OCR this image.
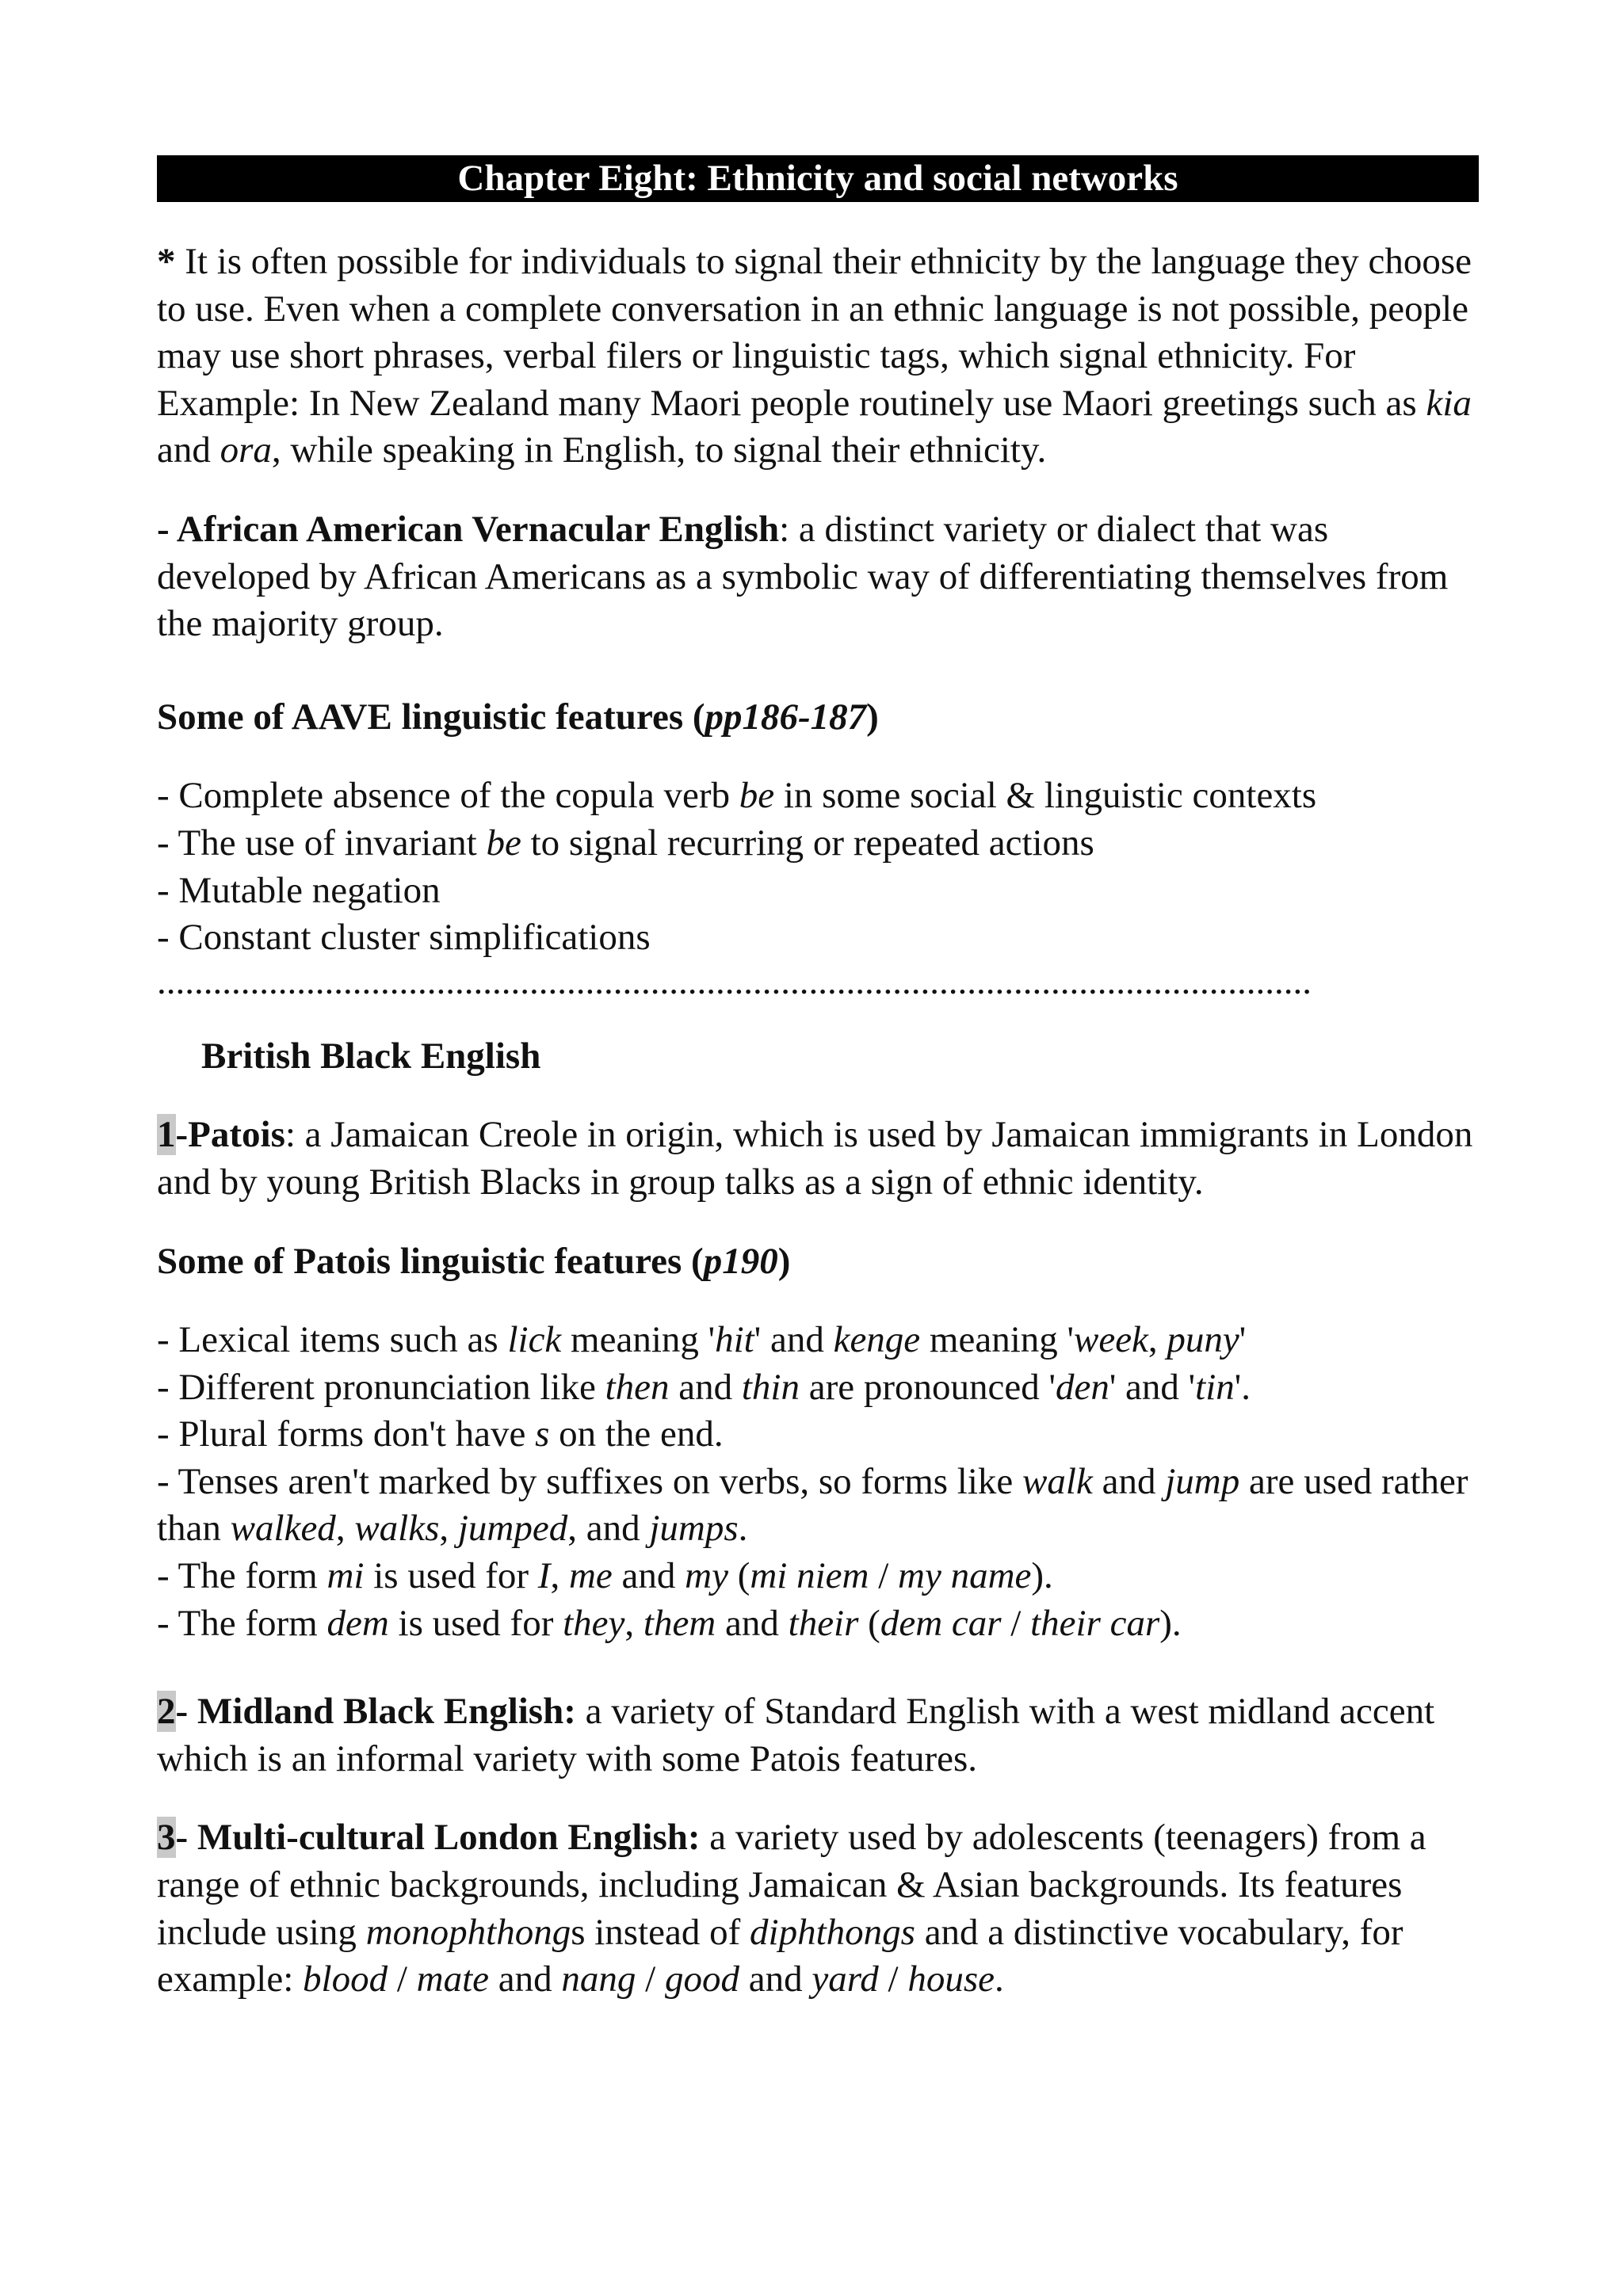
Chapter Eight: Ethnicity and social networks

* It is often possible for individuals to signal their ethnicity by the language they choose to use. Even when a complete conversation in an ethnic language is not possible, people may use short phrases, verbal filers or linguistic tags, which signal ethnicity. For Example: In New Zealand many Maori people routinely use Maori greetings such as kia and ora, while speaking in English, to signal their ethnicity.

- African American Vernacular English: a distinct variety or dialect that was developed by African Americans as a symbolic way of differentiating themselves from the majority group.

Some of AAVE linguistic features (pp186-187)

- Complete absence of the copula verb be in some social & linguistic contexts

- The use of invariant be to signal recurring or repeated actions

- Mutable negation

- Constant cluster simplifications

............................................................................................................................

British Black English

1-Patois: a Jamaican Creole in origin, which is used by Jamaican immigrants in London and by young British Blacks in group talks as a sign of ethnic identity.

Some of Patois linguistic features (p190)

- Lexical items such as lick meaning 'hit' and kenge meaning 'week, puny'

- Different pronunciation like then and thin are pronounced 'den' and 'tin'.

- Plural forms don't have s on the end.

- Tenses aren't marked by suffixes on verbs, so forms like walk and jump are used rather than walked, walks, jumped, and jumps.

- The form mi is used for I, me and my (mi niem / my name).

- The form dem is used for they, them and their (dem car / their car).

2- Midland Black English: a variety of Standard English with a west midland accent which is an informal variety with some Patois features.

3- Multi-cultural London English: a variety used by adolescents (teenagers) from a range of ethnic backgrounds, including Jamaican & Asian backgrounds. Its features include using monophthongs instead of diphthongs and a distinctive vocabulary, for example: blood / mate and nang / good and yard / house.
